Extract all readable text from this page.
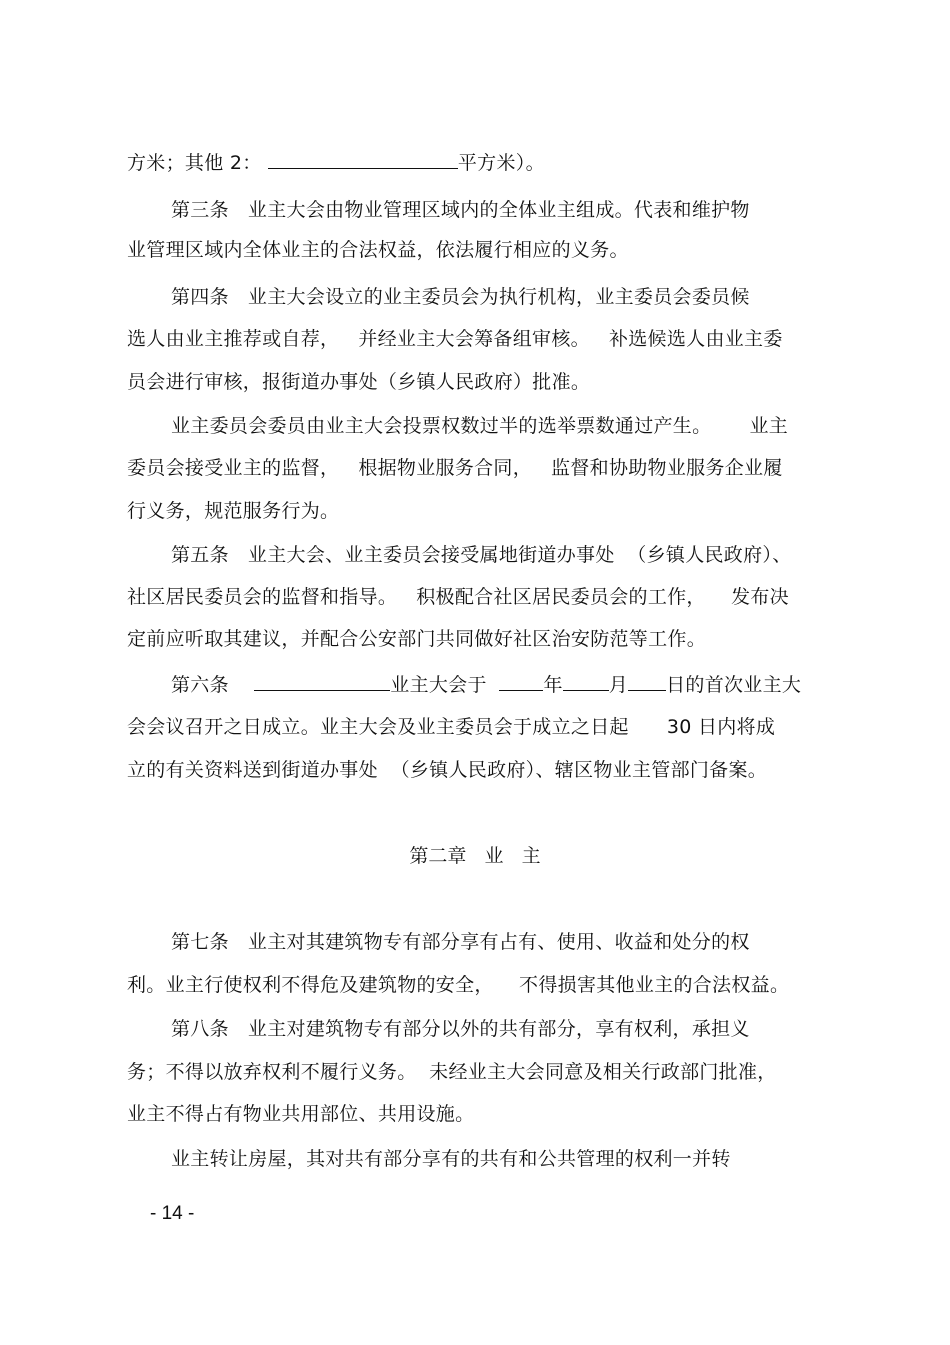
方米；其他 2：	平方米）。
第三条   业主大会由物业管理区域内的全体业主组成。代表和维护物
业管理区域内全体业主的合法权益，依法履行相应的义务。
第四条   业主大会设立的业主委员会为执行机构，业主委员会委员候
选人由业主推荐或自荐，   并经业主大会筹备组审核。   补选候选人由业主委
员会进行审核，报街道办事处（乡镇人民政府）批准。
业主委员会委员由业主大会投票权数过半的选举票数通过产生。      业主
委员会接受业主的监督，   根据物业服务合同，   监督和协助物业服务企业履
行义务，规范服务行为。
第五条   业主大会、业主委员会接受属地街道办事处  （乡镇人民政府）、
社区居民委员会的监督和指导。   积极配合社区居民委员会的工作，    发布决
定前应听取其建议，并配合公安部门共同做好社区治安防范等工作。
第六条	业主大会于	年 月 日的首次业主大
会会议召开之日成立。业主大会及业主委员会于成立之日起      30 日内将成
立的有关资料送到街道办事处  （乡镇人民政府）、辖区物业主管部门备案。
第二章   业   主
第七条   业主对其建筑物专有部分享有占有、使用、收益和处分的权
利。业主行使权利不得危及建筑物的安全，    不得损害其他业主的合法权益。
第八条   业主对建筑物专有部分以外的共有部分，享有权利，承担义
务；不得以放弃权利不履行义务。  未经业主大会同意及相关行政部门批准，
业主不得占有物业共用部位、共用设施。
业主转让房屋，其对共有部分享有的共有和公共管理的权利一并转
- 14 -
